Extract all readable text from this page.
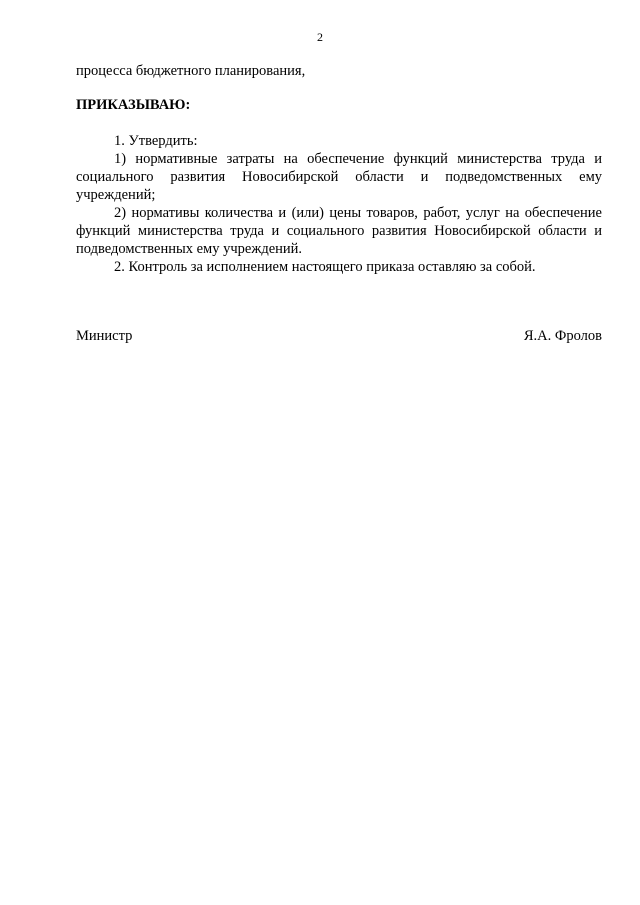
2
процесса бюджетного планирования,
ПРИКАЗЫВАЮ:

1. Утвердить:

1) нормативные затраты на обеспечение функций министерства труда и социального развития Новосибирской области и подведомственных ему учреждений;

2) нормативы количества и (или) цены товаров, работ, услуг на обеспечение функций министерства труда и социального развития Новосибирской области и подведомственных ему учреждений.

2. Контроль за исполнением настоящего приказа оставляю за собой.

Министр	Я.А. Фролов
